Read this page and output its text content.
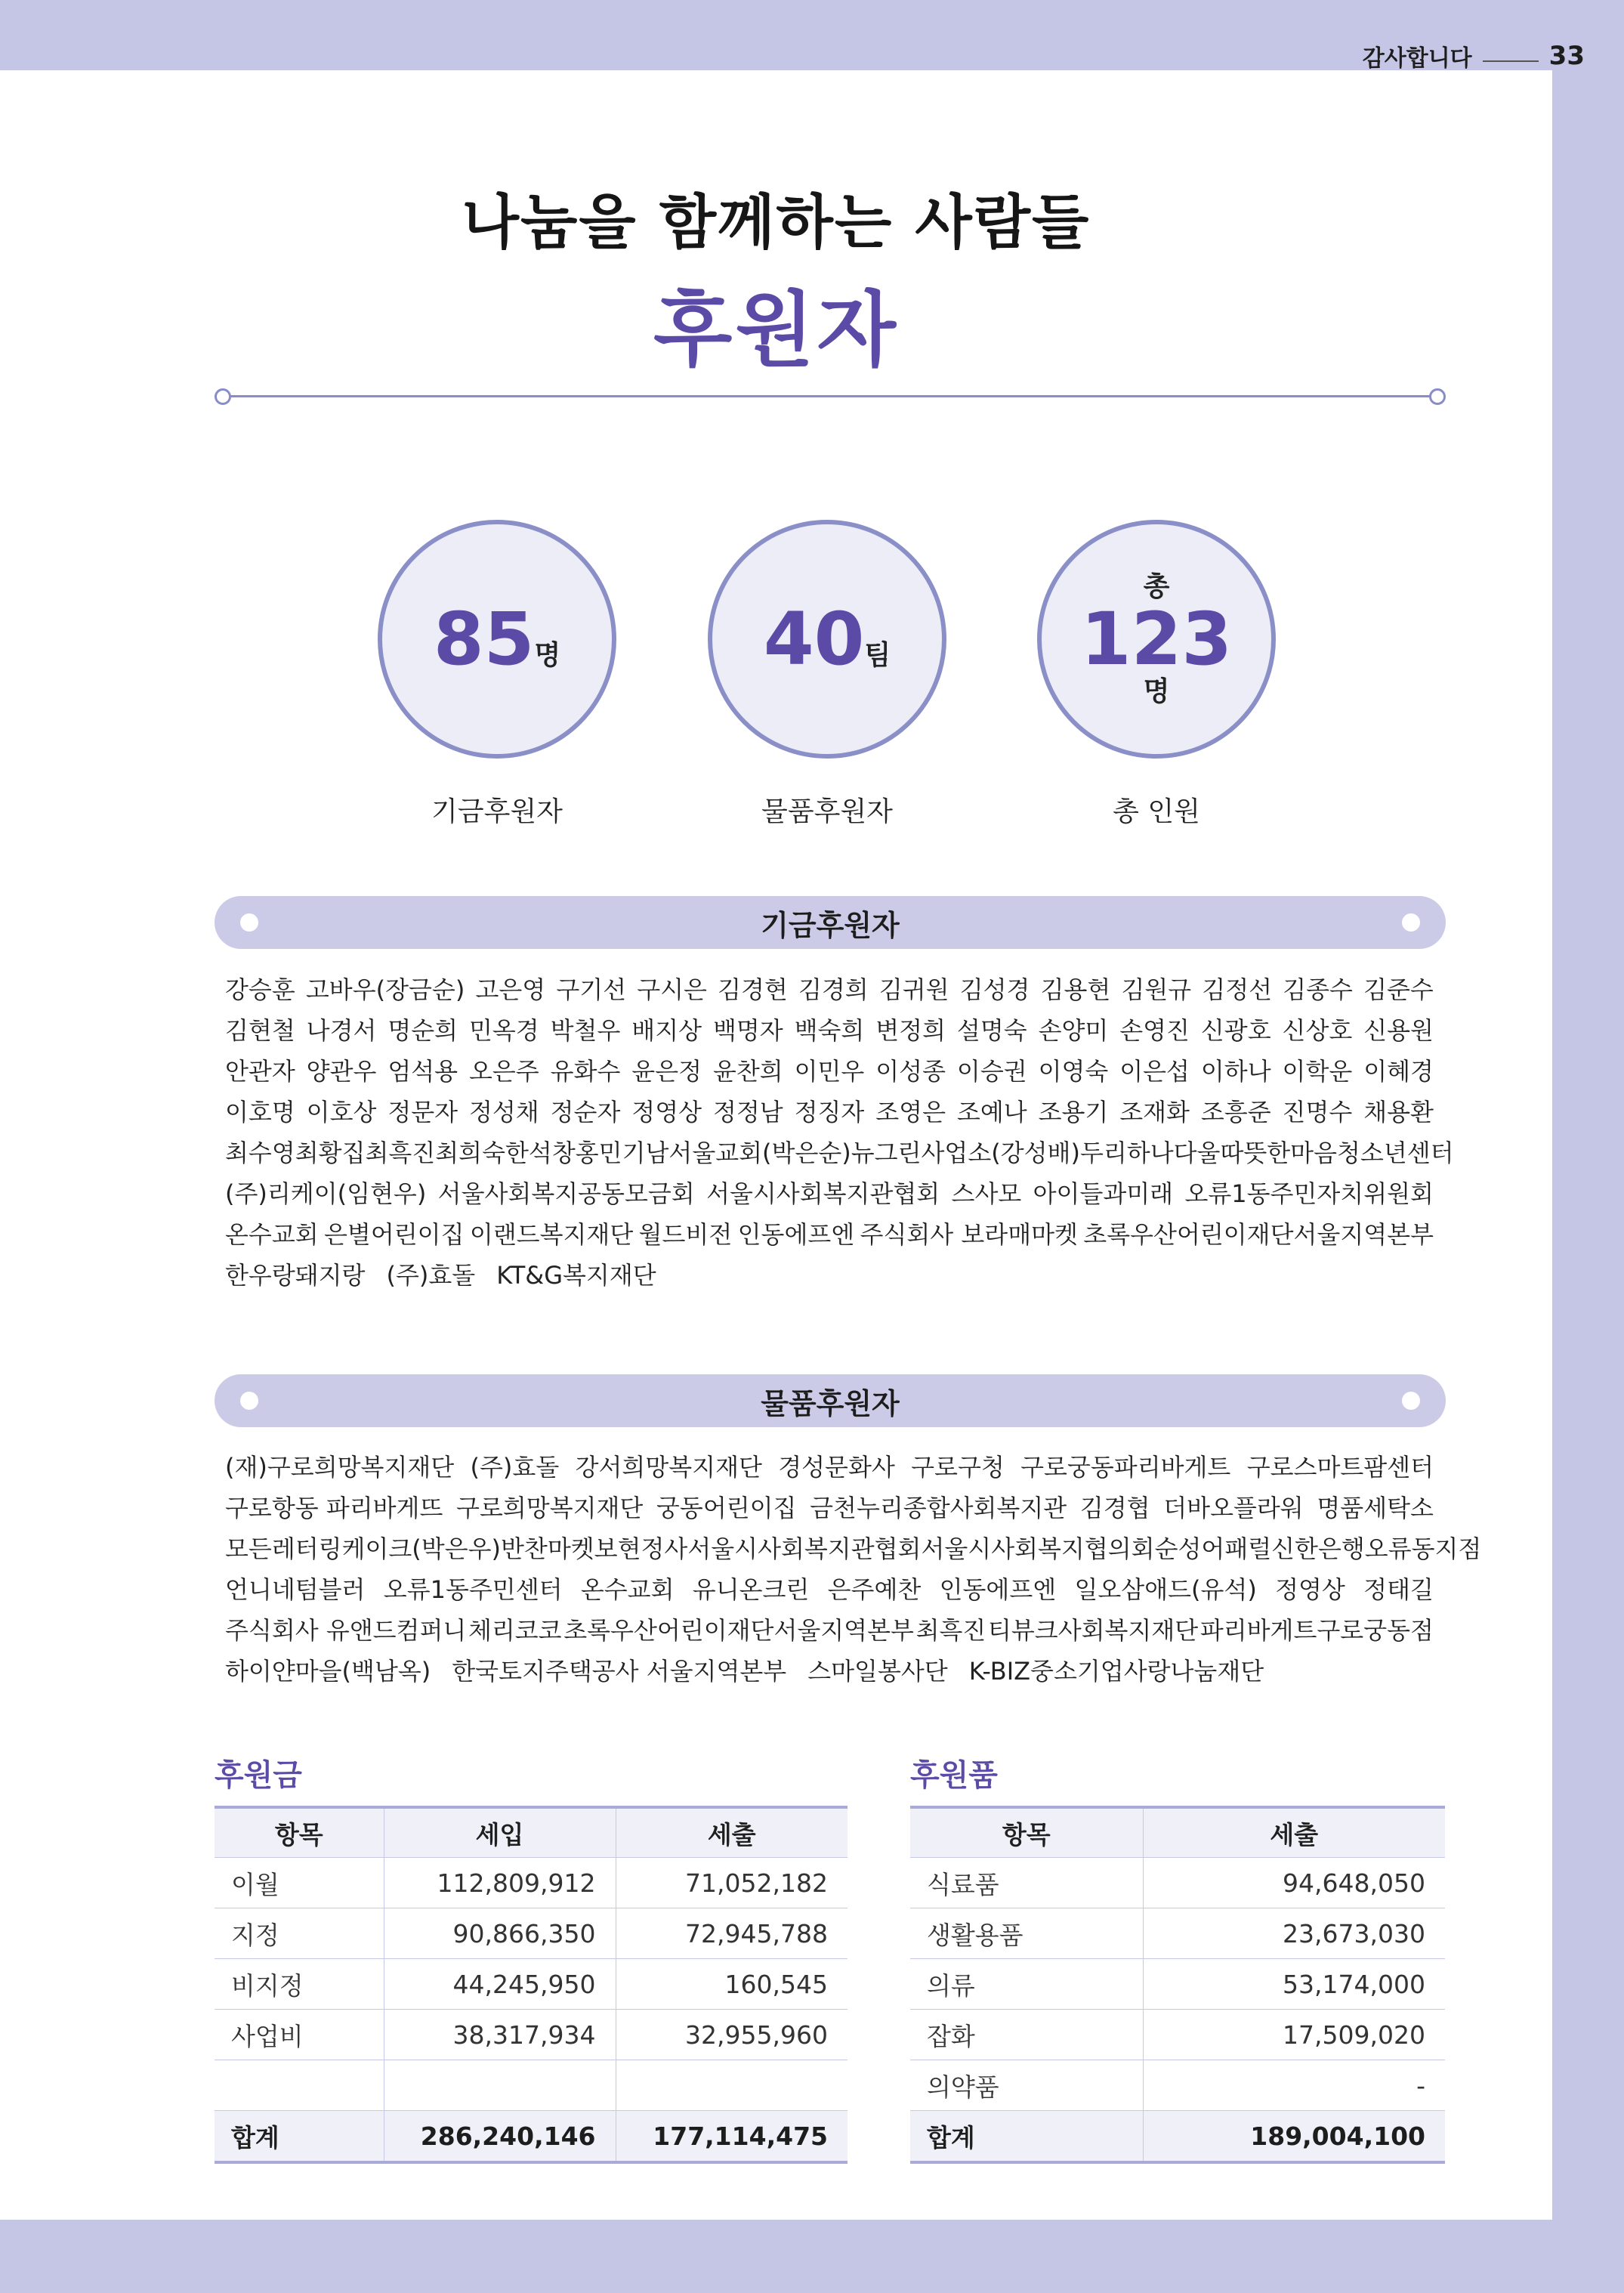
감사합니다	33
나눔을 함께하는 사람들
후원자
85 명
기금후원자
40 팀
물품후원자
총
123
명
총 인원
기금후원자
강승훈 고바우(장금순) 고은영 구기선 구시은 김경현 김경희 김귀원 김성경 김용현 김원규 김정선 김종수 김준수
김현철 나경서 명순희 민옥경 박철우 배지상 백명자 백숙희 변정희 설명숙 손양미 손영진 신광호 신상호 신용원
안관자 양관우 엄석용 오은주 유화수 윤은정 윤찬희 이민우 이성종 이승권 이영숙 이은섭 이하나 이학운 이혜경
이호명 이호상 정문자 정성채 정순자 정영상 정정남 정징자 조영은 조예나 조용기 조재화 조흥준 진명수 채용환
최수영 최황집 최흑진 최희숙 한석창 홍민기 남서울교회(박은순) 뉴그린사업소(강성배) 두리하나다울 따뜻한마음청소년센터
(주)리케이(임현우) 서울사회복지공동모금회 서울시사회복지관협회 스사모 아이들과미래 오류1동주민자치위원회
온수교회 은별어린이집 이랜드복지재단 월드비전 인동에프엔 주식회사 보라매마켓 초록우산어린이재단서울지역본부
한우랑돼지랑 (주)효돌 KT&G복지재단
물품후원자
(재)구로희망복지재단 (주)효돌 강서희망복지재단 경성문화사 구로구청 구로궁동파리바게트 구로스마트팜센터
구로항동 파리바게뜨 구로희망복지재단 궁동어린이집 금천누리종합사회복지관 김경협 더바오플라워 명품세탁소
모든레터링케이크(박은우) 반찬마켓 보현정사 서울시사회복지관협회 서울시사회복지협의회 순성어패럴 신한은행오류동지점
언니네텀블러 오류1동주민센터 온수교회 유니온크린 은주예찬 인동에프엔 일오삼애드(유석) 정영상 정태길
주식회사 유앤드컴퍼니 체리코코 초록우산어린이재단서울지역본부 최흑진 티뷰크사회복지재단 파리바게트구로궁동점
하이얀마을(백남옥) 한국토지주택공사 서울지역본부 스마일봉사단 K-BIZ중소기업사랑나눔재단
후원금
항목	세입	세출
이월	112,809,912	71,052,182
지정	90,866,350	72,945,788
비지정	44,245,950	160,545
사업비	38,317,934	32,955,960

합계	286,240,146	177,114,475
후원품
항목	세출
식료품	94,648,050
생활용품	23,673,030
의류	53,174,000
잡화	17,509,020
의약품	-
합계	189,004,100
